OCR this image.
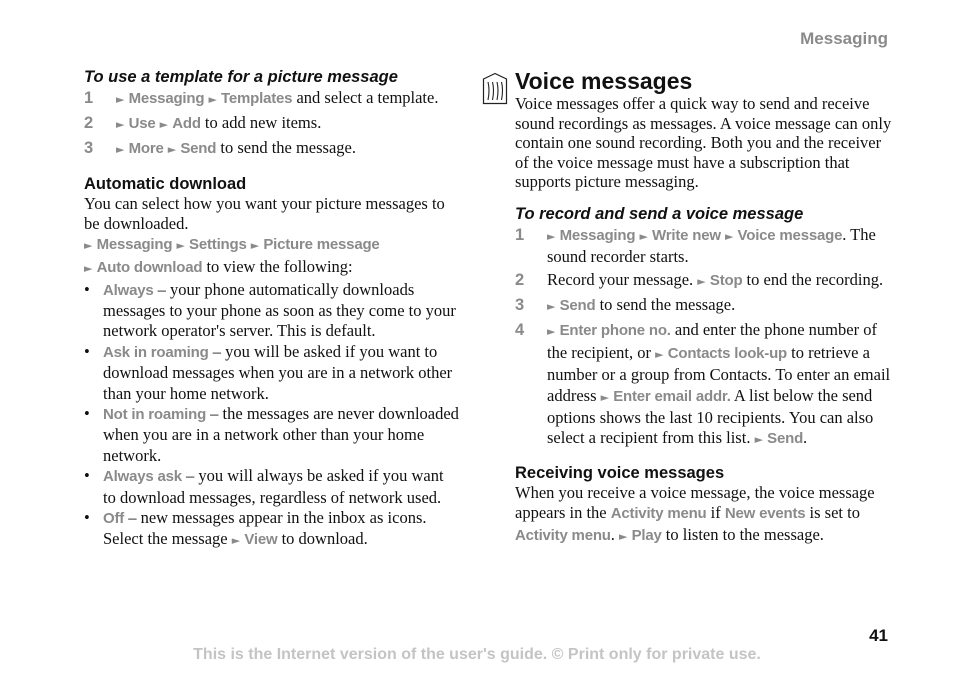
Messaging
To use a template for a picture message
1	► Messaging ► Templates and select a template.
2	► Use ► Add to add new items.
3	► More ► Send to send the message.
Automatic download

You can select how you want your picture messages to be downloaded.

► Messaging ► Settings ► Picture message
► Auto download to view the following:

• Always – your phone automatically downloads messages to your phone as soon as they come to your network operator's server. This is default.
• Ask in roaming – you will be asked if you want to download messages when you are in a network other than your home network.
• Not in roaming – the messages are never downloaded when you are in a network other than your home network.
• Always ask – you will always be asked if you want to download messages, regardless of network used.
• Off – new messages appear in the inbox as icons. Select the message ► View to download.
Voice messages

Voice messages offer a quick way to send and receive sound recordings as messages. A voice message can only contain one sound recording. Both you and the receiver of the voice message must have a subscription that supports picture messaging.

To record and send a voice message
1	► Messaging ► Write new ► Voice message. The sound recorder starts.
2	Record your message. ► Stop to end the recording.
3	► Send to send the message.
4	► Enter phone no. and enter the phone number of the recipient, or ► Contacts look-up to retrieve a number or a group from Contacts. To enter an email address ► Enter email addr. A list below the send options shows the last 10 recipients. You can also select a recipient from this list. ► Send.
Receiving voice messages

When you receive a voice message, the voice message appears in the Activity menu if New events is set to Activity menu. ► Play to listen to the message.

41
This is the Internet version of the user's guide. © Print only for private use.
